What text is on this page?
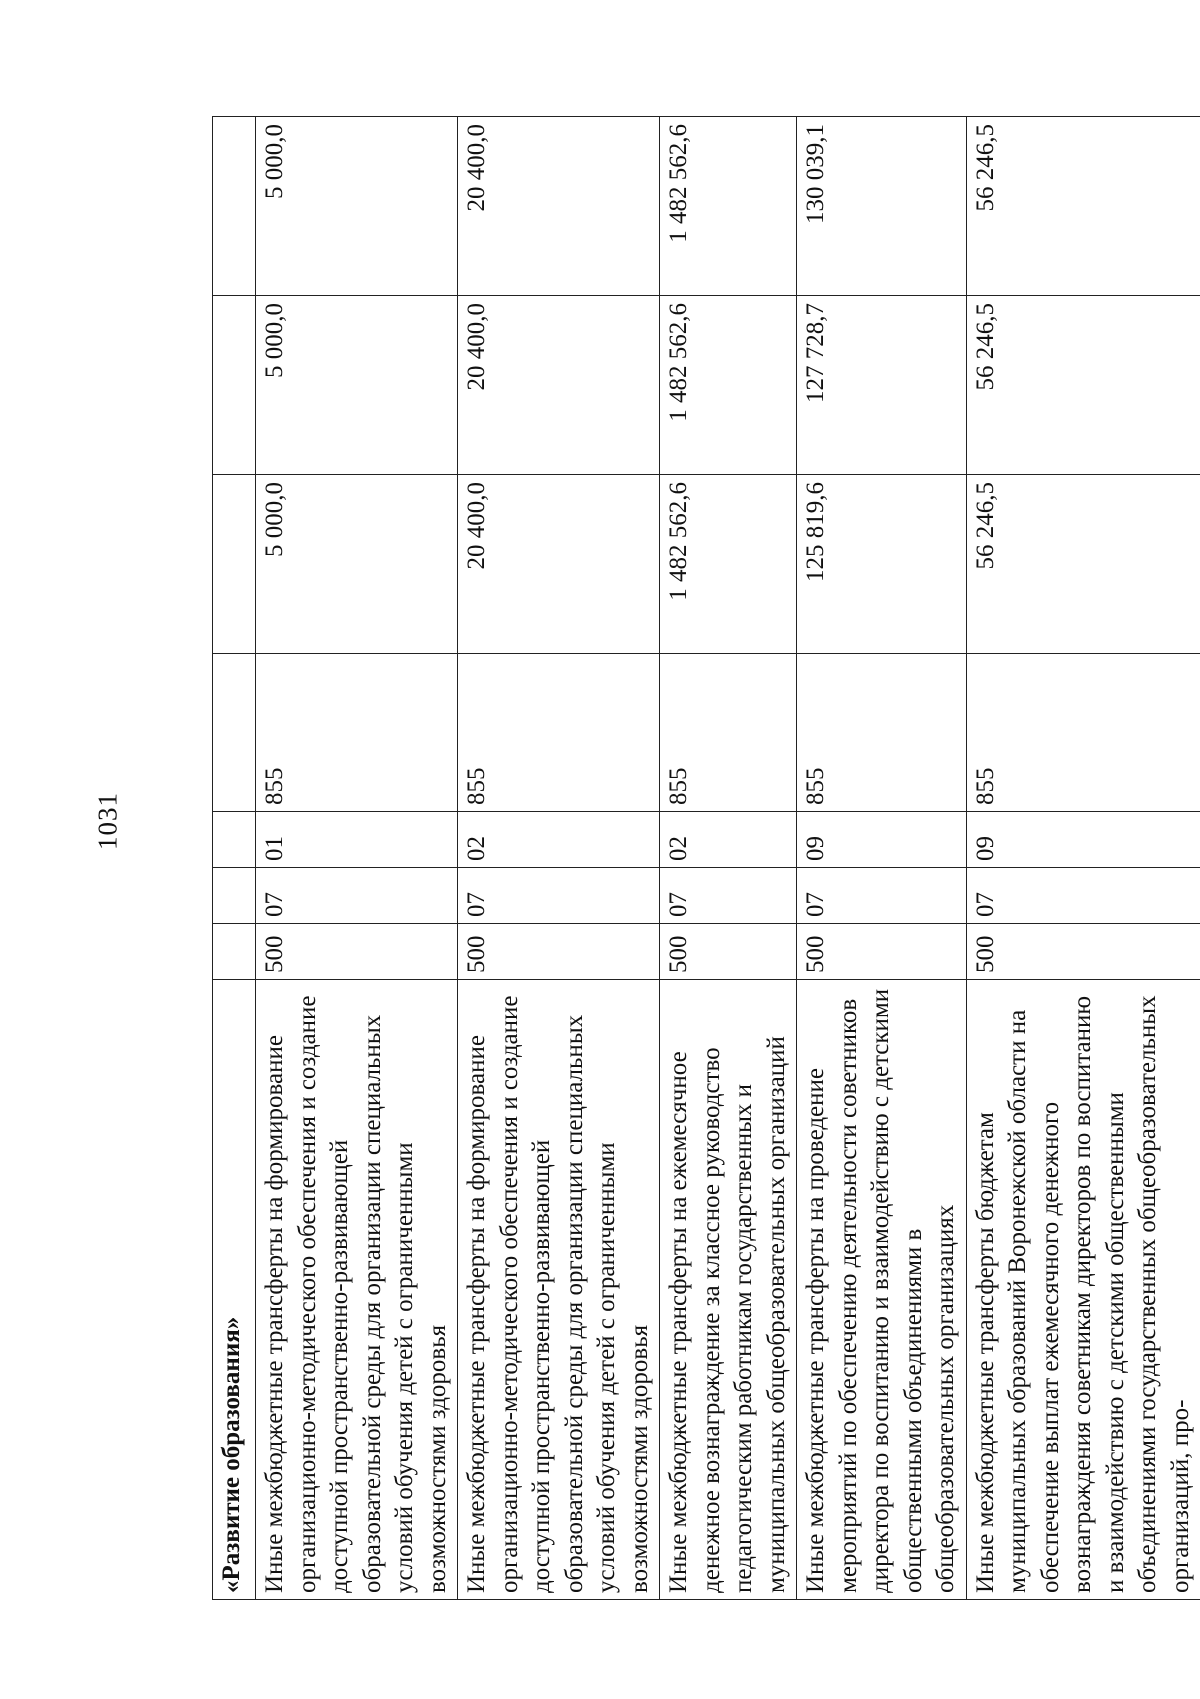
1031
«Развитие образования»							
Иные межбюджетные трансферты на формирование организационно-методического обеспечения и создание доступной пространственно-развивающей образовательной среды для организации специальных условий обучения детей с ограниченными возможностями здоровья	500	07	01	855	5 000,0	5 000,0	5 000,0
Иные межбюджетные трансферты на формирование организационно-методического обеспечения и создание доступной пространственно-развивающей образовательной среды для организации специальных условий обучения детей с ограниченными возможностями здоровья	500	07	02	855	20 400,0	20 400,0	20 400,0
Иные межбюджетные трансферты на ежемесячное денежное вознаграждение за классное руководство педагогическим работникам государственных и муниципальных общеобразовательных организаций	500	07	02	855	1 482 562,6	1 482 562,6	1 482 562,6
Иные межбюджетные трансферты на проведение мероприятий по обеспечению деятельности советников директора по воспитанию и взаимодействию с детскими общественными объединениями в общеобразовательных организациях	500	07	09	855	125 819,6	127 728,7	130 039,1
Иные межбюджетные трансферты бюджетам муниципальных образований Воронежской области на обеспечение выплат ежемесячного денежного вознаграждения советникам директоров по воспитанию и взаимодействию с детскими общественными объединениями государственных общеобразовательных организаций, про-	500	07	09	855	56 246,5	56 246,5	56 246,5
